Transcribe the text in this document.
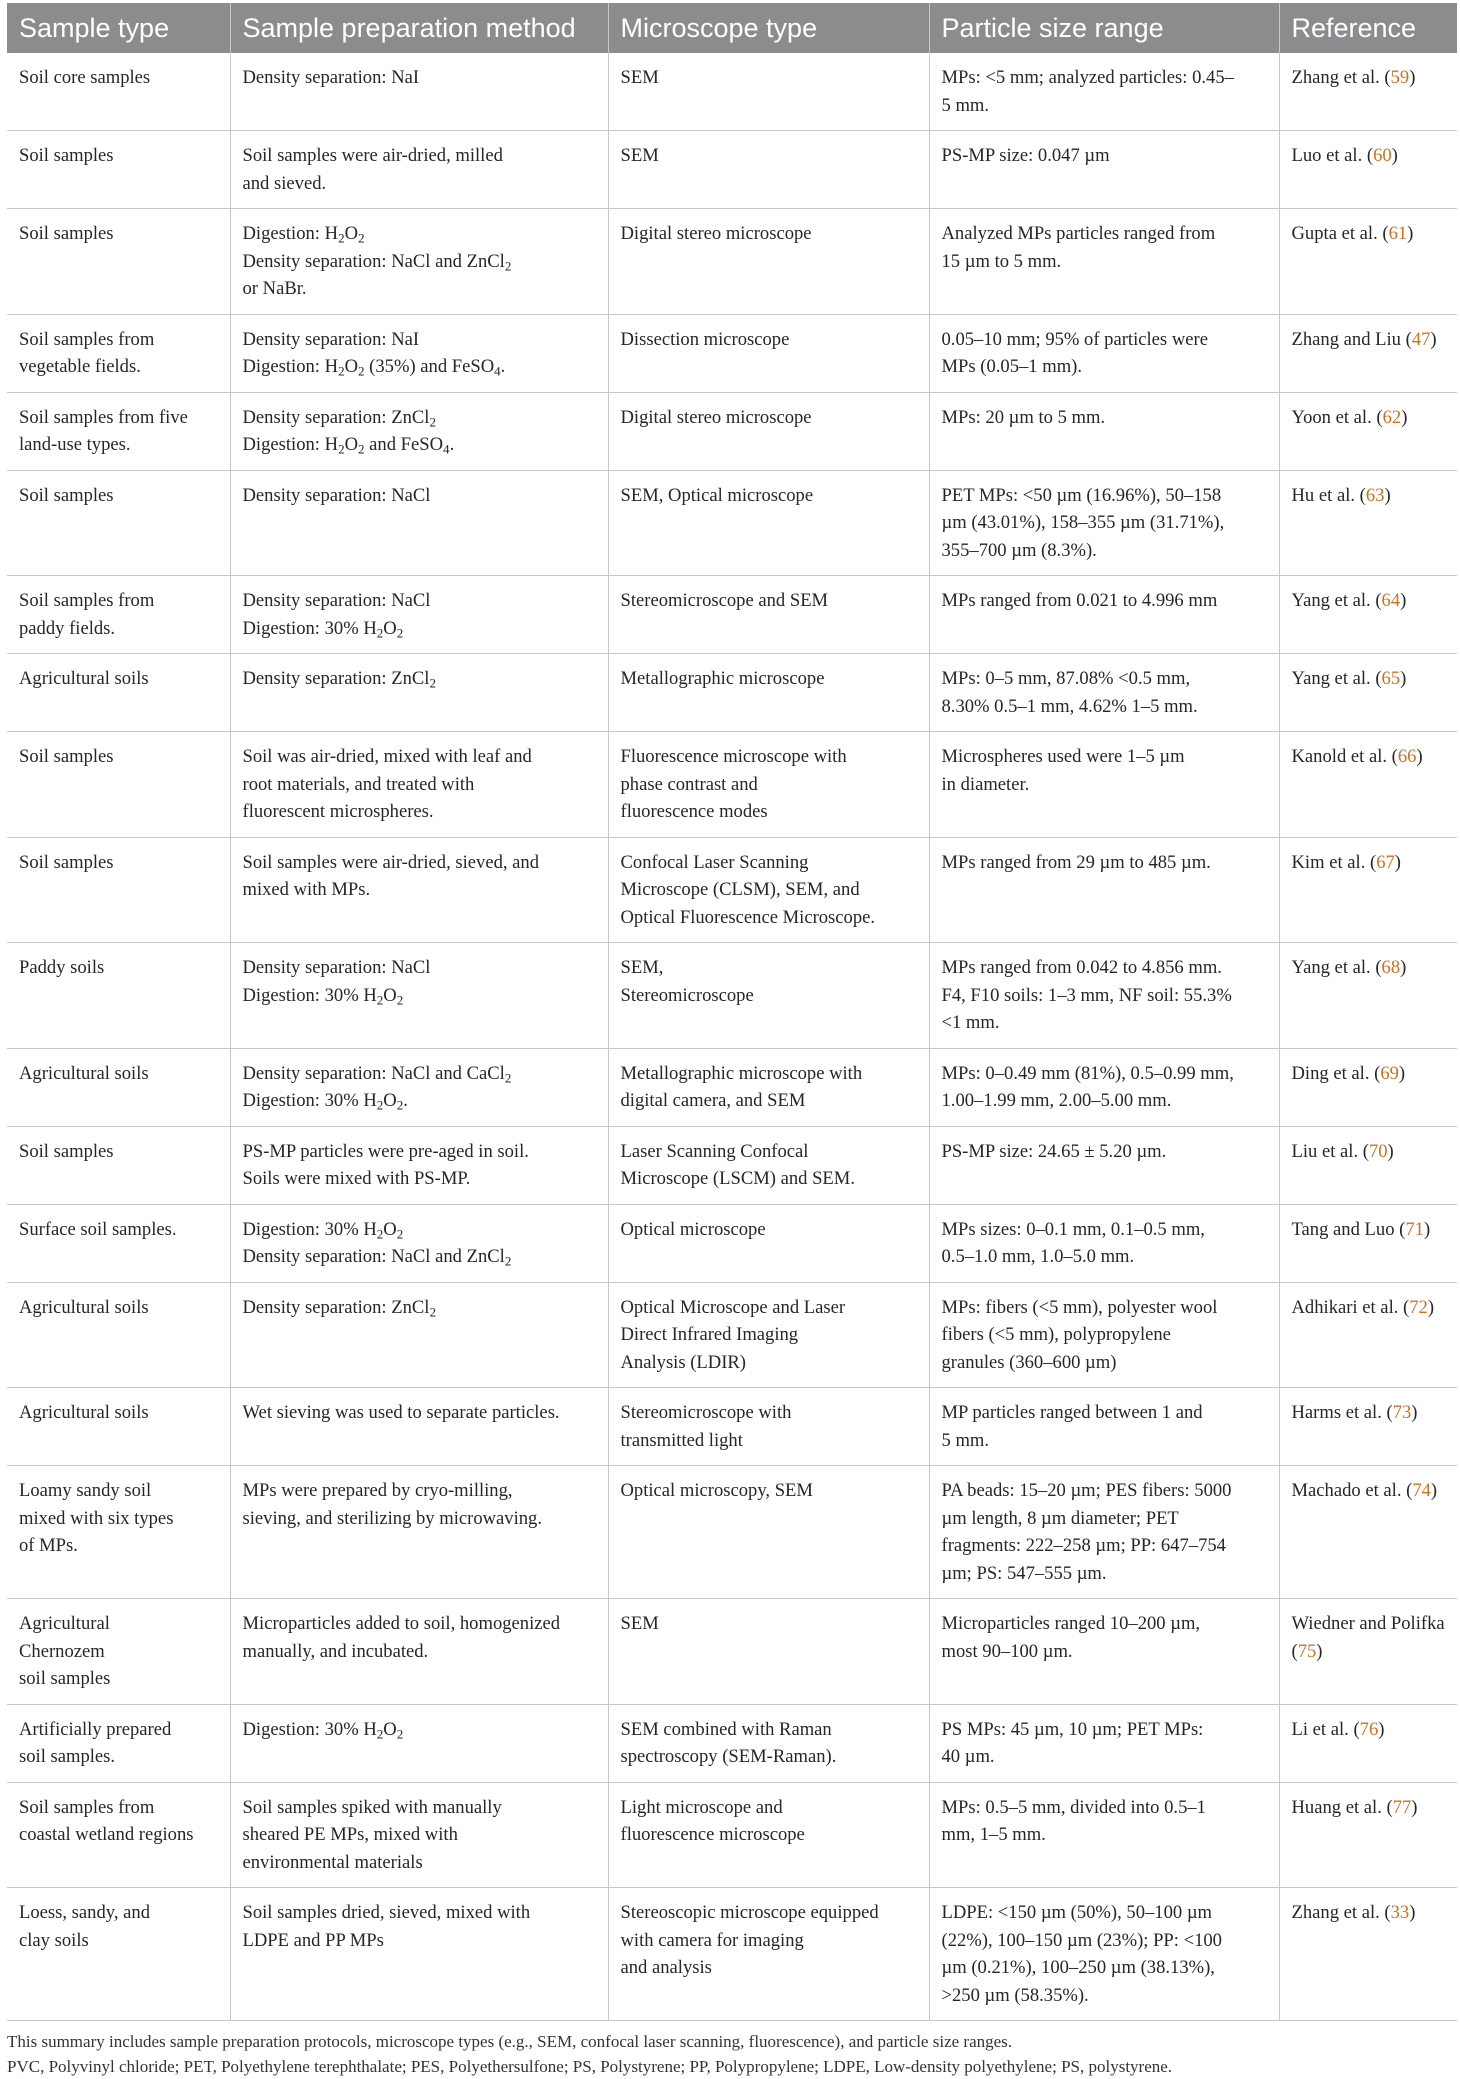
Sample type	Sample preparation method	Microscope type	Particle size range	Reference

Soil core samples	Density separation: NaI	SEM	MPs: <5 mm; analyzed particles: 0.45–
5 mm.	Zhang et al. (59)

Soil samples	Soil samples were air-dried, milled
and sieved.	SEM	PS-MP size: 0.047 µm	Luo et al. (60)

Soil samples	Digestion: $H_2O_2$
Density separation: NaCl and ZnCl$_2$
or NaBr.	Digital stereo microscope	Analyzed MPs particles ranged from
15 µm to 5 mm.	Gupta et al. (61)

Soil samples from
vegetable fields.	Density separation: NaI
Digestion: $H_2O_2$ (35%) and FeSO$_4$.	Dissection microscope	0.05–10 mm; 95% of particles were
MPs (0.05–1 mm).	Zhang and Liu (47)

Soil samples from five
land-use types.	Density separation: ZnCl$_2$
Digestion: $H_2O_2$ and FeSO$_4$.	Digital stereo microscope	MPs: 20 µm to 5 mm.	Yoon et al. (62)

Soil samples	Density separation: NaCl	SEM, Optical microscope	PET MPs: <50 µm (16.96%), 50–158
µm (43.01%), 158–355 µm (31.71%),
355–700 µm (8.3%).	Hu et al. (63)

Soil samples from
paddy fields.	Density separation: NaCl
Digestion: 30% $H_2O_2$	Stereomicroscope and SEM	MPs ranged from 0.021 to 4.996 mm	Yang et al. (64)

Agricultural soils	Density separation: ZnCl$_2$	Metallographic microscope	MPs: 0–5 mm, 87.08% <0.5 mm,
8.30% 0.5–1 mm, 4.62% 1–5 mm.	Yang et al. (65)

Soil samples	Soil was air-dried, mixed with leaf and
root materials, and treated with
fluorescent microspheres.	Fluorescence microscope with
phase contrast and
fluorescence modes	Microspheres used were 1–5 µm
in diameter.	Kanold et al. (66)

Soil samples	Soil samples were air-dried, sieved, and
mixed with MPs.	Confocal Laser Scanning
Microscope (CLSM), SEM, and
Optical Fluorescence Microscope.	MPs ranged from 29 µm to 485 µm.	Kim et al. (67)

Paddy soils	Density separation: NaCl
Digestion: 30% $H_2O_2$	SEM,
Stereomicroscope	MPs ranged from 0.042 to 4.856 mm.
F4, F10 soils: 1–3 mm, NF soil: 55.3%
<1 mm.	Yang et al. (68)

Agricultural soils	Density separation: NaCl and CaCl$_2$
Digestion: 30% $H_2O_2$.	Metallographic microscope with
digital camera, and SEM	MPs: 0–0.49 mm (81%), 0.5–0.99 mm,
1.00–1.99 mm, 2.00–5.00 mm.	Ding et al. (69)

Soil samples	PS-MP particles were pre-aged in soil.
Soils were mixed with PS-MP.	Laser Scanning Confocal
Microscope (LSCM) and SEM.	PS-MP size: 24.65 ± 5.20 µm.	Liu et al. (70)

Surface soil samples.	Digestion: 30% $H_2O_2$
Density separation: NaCl and ZnCl$_2$	Optical microscope	MPs sizes: 0–0.1 mm, 0.1–0.5 mm,
0.5–1.0 mm, 1.0–5.0 mm.	Tang and Luo (71)

Agricultural soils	Density separation: ZnCl$_2$	Optical Microscope and Laser
Direct Infrared Imaging
Analysis (LDIR)	MPs: fibers (<5 mm), polyester wool
fibers (<5 mm), polypropylene
granules (360–600 µm)	Adhikari et al. (72)

Agricultural soils	Wet sieving was used to separate particles.	Stereomicroscope with
transmitted light	MP particles ranged between 1 and
5 mm.	Harms et al. (73)

Loamy sandy soil
mixed with six types
of MPs.	MPs were prepared by cryo-milling,
sieving, and sterilizing by microwaving.	Optical microscopy, SEM	PA beads: 15–20 µm; PES fibers: 5000
µm length, 8 µm diameter; PET
fragments: 222–258 µm; PP: 647–754
µm; PS: 547–555 µm.	Machado et al. (74)

Agricultural
Chernozem
soil samples	Microparticles added to soil, homogenized
manually, and incubated.	SEM	Microparticles ranged 10–200 µm,
most 90–100 µm.	Wiedner and Polifka (75)

Artificially prepared
soil samples.	Digestion: 30% $H_2O_2$	SEM combined with Raman
spectroscopy (SEM-Raman).	PS MPs: 45 µm, 10 µm; PET MPs:
40 µm.	Li et al. (76)

Soil samples from
coastal wetland regions	Soil samples spiked with manually
sheared PE MPs, mixed with
environmental materials	Light microscope and
fluorescence microscope	MPs: 0.5–5 mm, divided into 0.5–1
mm, 1–5 mm.	Huang et al. (77)

Loess, sandy, and
clay soils	Soil samples dried, sieved, mixed with
LDPE and PP MPs	Stereoscopic microscope equipped
with camera for imaging
and analysis	LDPE: <150 µm (50%), 50–100 µm
(22%), 100–150 µm (23%); PP: <100
µm (0.21%), 100–250 µm (38.13%),
>250 µm (58.35%).	Zhang et al. (33)
This summary includes sample preparation protocols, microscope types (e.g., SEM, confocal laser scanning, fluorescence), and particle size ranges.
PVC, Polyvinyl chloride; PET, Polyethylene terephthalate; PES, Polyethersulfone; PS, Polystyrene; PP, Polypropylene; LDPE, Low-density polyethylene; PS, polystyrene.
